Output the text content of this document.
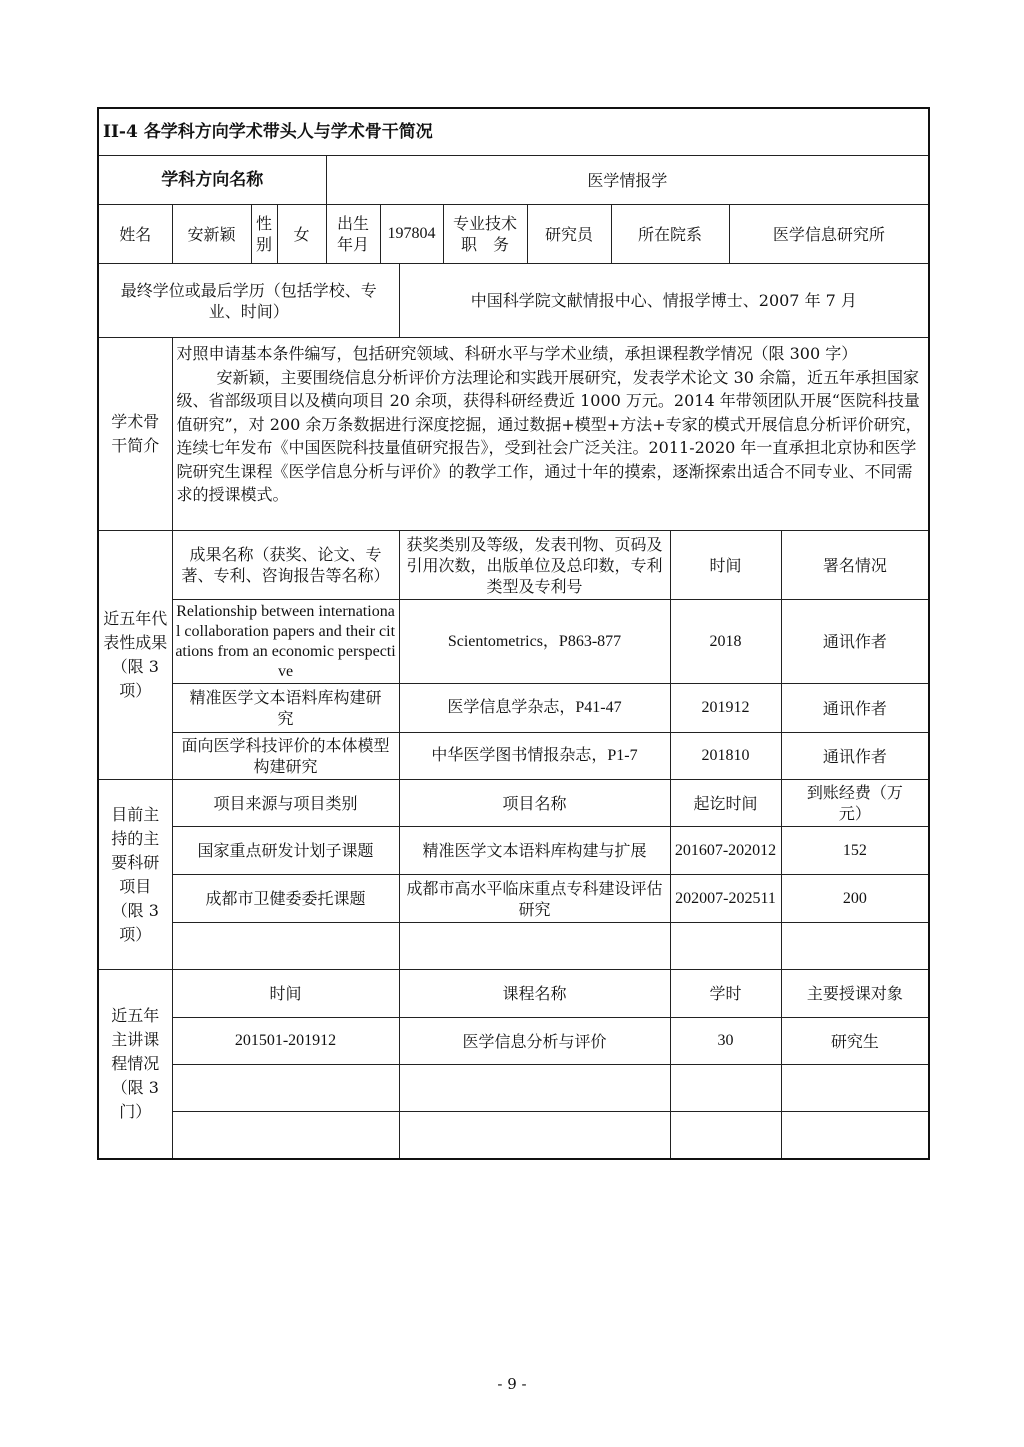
II-4 各学科方向学术带头人与学术骨干简况												
学科方向名称				医学情报学								
姓名	安新颖	性别	女	出生年月	197804		专业技术职　务	研究员	所在院系		医学信息研究所	
最终学位或最后学历（包括学校、专业、时间）						中国科学院文献情报中心、情报学博士、2007 年 7 月						
学术骨干简介	对照申请基本条件编写，包括研究领域、科研水平与学术业绩，承担课程教学情况（限 300 字）
安新颖，主要围绕信息分析评价方法理论和实践开展研究，发表学术论文 30 余篇，近五年承担国家级、省部级项目以及横向项目 20 余项，获得科研经费近 1000 万元。2014 年带领团队开展“医院科技量值研究”，对 200 余万条数据进行深度挖掘，通过数据+模型+方法+专家的模式开展信息分析评价研究，连续七年发布《中国医院科技量值研究报告》，受到社会广泛关注。2011-2020 年一直承担北京协和医学院研究生课程《医学信息分析与评价》的教学工作，通过十年的摸索，逐渐探索出适合不同专业、不同需求的授课模式。											

近五年代表性成果（限 3 项）	成果名称（获奖、论文、专著、专利、咨询报告等名称）					获奖类别及等级，发表刊物、页码及引用次数，出版单位及总印数，专利类型及专利号				时间		署名情况
	Relationship between international collaboration papers and their citations from an economic perspective					Scientometrics，P863-877				2018		通讯作者
	精准医学文本语料库构建研究					医学信息学杂志，P41-47				201912		通讯作者
	面向医学科技评价的本体模型构建研究					中华医学图书情报杂志，P1-7				201810		通讯作者
目前主持的主要科研项目（限 3 项）	项目来源与项目类别					项目名称				起讫时间		到账经费（万元）
	国家重点研发计划子课题					精准医学文本语料库构建与扩展				201607-202012		152
	成都市卫健委委托课题					成都市高水平临床重点专科建设评估研究				202007-202511		200

近五年主讲课程情况（限 3 门）	时间					课程名称				学时		主要授课对象
	201501-201912					医学信息分析与评价				30		研究生

- 9 -
